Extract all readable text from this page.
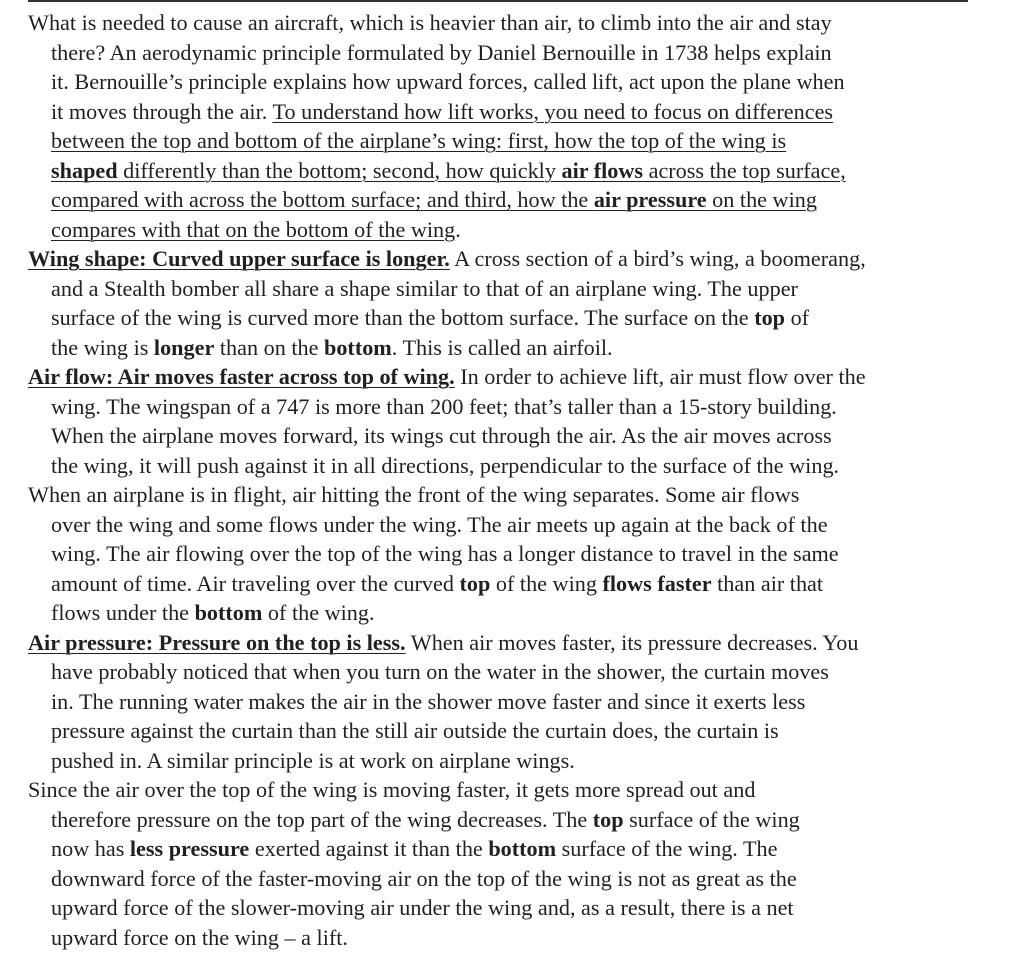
What is needed to cause an aircraft, which is heavier than air, to climb into the air and stay
there? An aerodynamic principle formulated by Daniel Bernouille in 1738 helps explain
it. Bernouille’s principle explains how upward forces, called lift, act upon the plane when
it moves through the air. To understand how lift works, you need to focus on differences
between the top and bottom of the airplane’s wing: first, how the top of the wing is
shaped differently than the bottom; second, how quickly air flows across the top surface,
compared with across the bottom surface; and third, how the air pressure on the wing
compares with that on the bottom of the wing.
Wing shape: Curved upper surface is longer. A cross section of a bird’s wing, a boomerang,
and a Stealth bomber all share a shape similar to that of an airplane wing. The upper
surface of the wing is curved more than the bottom surface. The surface on the top of
the wing is longer than on the bottom. This is called an airfoil.
Air flow: Air moves faster across top of wing. In order to achieve lift, air must flow over the
wing. The wingspan of a 747 is more than 200 feet; that’s taller than a 15-story building.
When the airplane moves forward, its wings cut through the air. As the air moves across
the wing, it will push against it in all directions, perpendicular to the surface of the wing.
When an airplane is in flight, air hitting the front of the wing separates. Some air flows
over the wing and some flows under the wing. The air meets up again at the back of the
wing. The air flowing over the top of the wing has a longer distance to travel in the same
amount of time. Air traveling over the curved top of the wing flows faster than air that
flows under the bottom of the wing.
Air pressure: Pressure on the top is less. When air moves faster, its pressure decreases. You
have probably noticed that when you turn on the water in the shower, the curtain moves
in. The running water makes the air in the shower move faster and since it exerts less
pressure against the curtain than the still air outside the curtain does, the curtain is
pushed in. A similar principle is at work on airplane wings.
Since the air over the top of the wing is moving faster, it gets more spread out and
therefore pressure on the top part of the wing decreases. The top surface of the wing
now has less pressure exerted against it than the bottom surface of the wing. The
downward force of the faster-moving air on the top of the wing is not as great as the
upward force of the slower-moving air under the wing and, as a result, there is a net
upward force on the wing – a lift.
